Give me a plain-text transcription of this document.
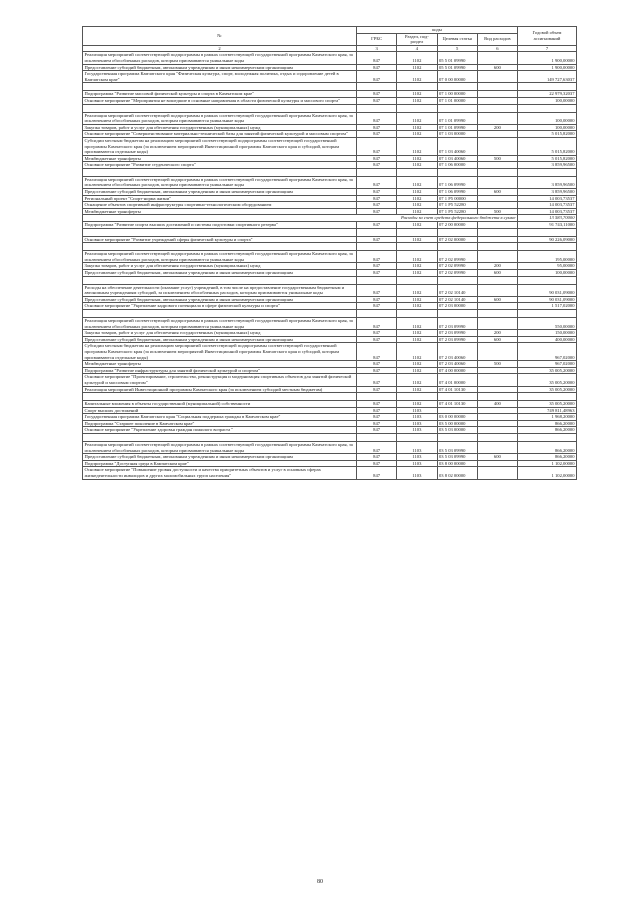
№	коды				Годовой объем ассигнований
	ГРБС	Раздел, под-раздел	Целевая статья	Вид расходов	
2	3	4	5	6	7
Реализация мероприятий соответствующей подпрограммы в рамках соответствующей государственной программы Камчатского края, за исключением обособленных расходов, которым присваиваются уникальные коды	847	1102	05 5 01 09990		1 900,00000
Предоставление субсидий бюджетным, автономным учреждениям и иным некоммерческим организациям	847	1102	05 5 01 09990	600	1 900,00000
Государственная программа Камчатского края "Физическая культура, спорт, молодежная политика, отдых и оздоровление детей в Камчатском крае"	847	1102	07 0 00 00000		149 727,63037

Подпрограмма "Развитие массовой физической культуры и спорта в Камчатском крае"	847	1102	07 1 00 00000		22 979,32037
Основное мероприятие "Мероприятия не вошедшие в основные направления в области физической культуры и массового спорта"	847	1102	07 1 01 00000		100,00000

Реализация мероприятий соответствующей подпрограммы в рамках соответствующей государственной программы Камчатского края, за исключением обособленных расходов, которым присваиваются уникальные коды	847	1102	07 1 01 09990		100,00000
Закупка товаров, работ и услуг для обеспечения государственных (муниципальных) нужд	847	1102	07 1 01 09990	200	100,00000
Основное мероприятие "Совершенствование материально-технической базы для занятий физической культурой и массовым спортом"	847	1102	07 1 03 00000		5 015,82000
Субсидии местным бюджетам на реализацию мероприятий соответствующей подпрограммы соответствующей государственной программы Камчатского края (за исключением мероприятий Инвестиционной программы Камчатского края и субсидий, которым присваиваются отдельные коды)	847	1102	07 1 03 40060		5 015,82000
Межбюджетные трансферты	847	1102	07 1 03 40060	500	5 015,82000
Основное мероприятие "Развитие студенческого спорта"	847	1102	07 1 06 00000		3 859,96500

Реализация мероприятий соответствующей подпрограммы в рамках соответствующей государственной программы Камчатского края, за исключением обособленных расходов, которым присваиваются уникальные коды	847	1102	07 1 06 09990		3 859,96500
Предоставление субсидий бюджетным, автономным учреждениям и иным некоммерческим организациям	847	1102	07 1 06 09990	600	3 859,96500
Региональный проект "Спорт-норма жизни"	847	1102	07 1 P5 00000		14 003,73537
Оснащение объектов спортивной инфраструктуры спортивно-технологическим оборудованием	847	1102	07 1 P5 52280		14 003,73537
Межбюджетные трансферты	847	1102	07 1 P5 52280	500	14 003,73537
Расходы за счет средств федерального бюджета в сумме					13 583,70000
Подпрограмма "Развитие спорта высших достижений и системы подготовки спортивного резерва"	847	1102	07 2 00 00000		91 743,11000

Основное мероприятие "Развитие учреждений сферы физической культуры и спорта"	847	1102	07 2 02 00000		90 226,09000

Реализация мероприятий соответствующей подпрограммы в рамках соответствующей государственной программы Камчатского края, за исключением обособленных расходов, которым присваиваются уникальные коды	847	1102	07 2 02 09990		195,00000
Закупка товаров, работ и услуг для обеспечения государственных (муниципальных) нужд	847	1102	07 2 02 09990	200	95,00000
Предоставление субсидий бюджетным, автономным учреждениям и иным некоммерческим организациям	847	1102	07 2 02 09990	600	100,00000

Расходы на обеспечение деятельности (оказание услуг) учреждений, в том числе на предоставление государственным бюджетным и автономным учреждениям субсидий, за исключением обособленных расходов, которым присваиваются уникальные коды	847	1102	07 2 02 10140		90 031,09000
Предоставление субсидий бюджетным, автономным учреждениям и иным некоммерческим организациям	847	1102	07 2 02 10140	600	90 031,09000
Основное мероприятие "Укрепление кадрового потенциала в сфере физической культуры и спорта"	847	1102	07 2 03 00000		1 517,02000

Реализация мероприятий соответствующей подпрограммы в рамках соответствующей государственной программы Камчатского края, за исключением обособленных расходов, которым присваиваются уникальные коды	847	1102	07 2 03 09990		550,00000
Закупка товаров, работ и услуг для обеспечения государственных (муниципальных) нужд	847	1102	07 2 03 09990	200	150,00000
Предоставление субсидий бюджетным, автономным учреждениям и иным некоммерческим организациям	847	1102	07 2 03 09990	600	400,00000
Субсидии местным бюджетам на реализацию мероприятий соответствующей подпрограммы соответствующей государственной программы Камчатского края (за исключением мероприятий Инвестиционной программы Камчатского края и субсидий, которым присваиваются отдельные коды)	847	1102	07 2 03 40060		967,02000
Межбюджетные трансферты	847	1102	07 2 03 40060	500	967,02000
Подпрограмма "Развитие инфраструктуры для занятий физической культурой и спортом"	847	1102	07 4 00 00000		35 005,20000
Основное мероприятие "Проектирование, строительство, реконструкция и модернизация спортивных объектов для занятий физической культурой и массовым спортом"	847	1102	07 4 01 00000		35 005,20000
Реализация мероприятий Инвестиционной программы Камчатского края (за исключением субсидий местным бюджетам)	847	1102	07 4 01 10130		35 005,20000

Капитальные вложения в объекты государственной (муниципальной) собственности	847	1102	07 4 01 10130	400	35 005,20000
Спорт высших достижений	847	1103			749 811,48963
Государственная программа Камчатского края "Социальная поддержка граждан в Камчатском крае"	847	1103	03 0 00 00000		1 968,20000
Подпрограмма "Старшее поколение в Камчатском крае"	847	1103	03 5 00 00000		866,20000
Основное мероприятие "Укрепление здоровья граждан пожилого возраста "	847	1103	03 5 03 00000		866,20000

Реализация мероприятий соответствующей подпрограммы в рамках соответствующей государственной программы Камчатского края, за исключением обособленных расходов, которым присваиваются уникальные коды	847	1103	03 5 03 09990		866,20000
Предоставление субсидий бюджетным, автономным учреждениям и иным некоммерческим организациям	847	1103	03 5 03 09990	600	866,20000
Подпрограмма "Доступная среда в Камчатском крае"	847	1103	03 8 00 00000		1 102,00000
Основное мероприятие "Повышение уровня доступности и качества приоритетных объектов и услуг в основных сферах жизнедеятельности инвалидов и других маломобильных групп населения"	847	1103	03 8 02 00000		1 102,00000
80
